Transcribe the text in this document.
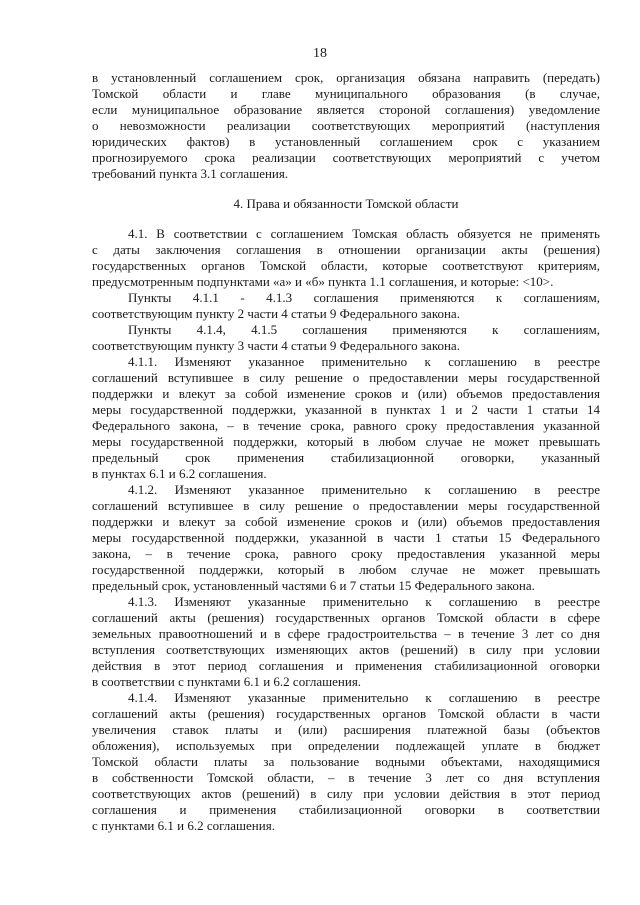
18
в установленный соглашением срок, организация обязана направить (передать)
Томской области и главе муниципального образования (в случае,
если муниципальное образование является стороной соглашения) уведомление
о невозможности реализации соответствующих мероприятий (наступления
юридических фактов) в установленный соглашением срок с указанием
прогнозируемого срока реализации соответствующих мероприятий с учетом
требований пункта 3.1 соглашения.
4. Права и обязанности Томской области
4.1. В соответствии с соглашением Томская область обязуется не применять
с даты заключения соглашения в отношении организации акты (решения)
государственных органов Томской области, которые соответствуют критериям,
предусмотренным подпунктами «а» и «б» пункта 1.1 соглашения, и которые: <10>.
Пункты 4.1.1 - 4.1.3 соглашения применяются к соглашениям,
соответствующим пункту 2 части 4 статьи 9 Федерального закона.
Пункты 4.1.4, 4.1.5 соглашения применяются к соглашениям,
соответствующим пункту 3 части 4 статьи 9 Федерального закона.
4.1.1. Изменяют указанное применительно к соглашению в реестре
соглашений вступившее в силу решение о предоставлении меры государственной
поддержки и влекут за собой изменение сроков и (или) объемов предоставления
меры государственной поддержки, указанной в пунктах 1 и 2 части 1 статьи 14
Федерального закона, – в течение срока, равного сроку предоставления указанной
меры государственной поддержки, который в любом случае не может превышать
предельный срок применения стабилизационной оговорки, указанный
в пунктах 6.1 и 6.2 соглашения.
4.1.2. Изменяют указанное применительно к соглашению в реестре
соглашений вступившее в силу решение о предоставлении меры государственной
поддержки и влекут за собой изменение сроков и (или) объемов предоставления
меры государственной поддержки, указанной в части 1 статьи 15 Федерального
закона, – в течение срока, равного сроку предоставления указанной меры
государственной поддержки, который в любом случае не может превышать
предельный срок, установленный частями 6 и 7 статьи 15 Федерального закона.
4.1.3. Изменяют указанные применительно к соглашению в реестре
соглашений акты (решения) государственных органов Томской области в сфере
земельных правоотношений и в сфере градостроительства – в течение 3 лет со дня
вступления соответствующих изменяющих актов (решений) в силу при условии
действия в этот период соглашения и применения стабилизационной оговорки
в соответствии с пунктами 6.1 и 6.2 соглашения.
4.1.4. Изменяют указанные применительно к соглашению в реестре
соглашений акты (решения) государственных органов Томской области в части
увеличения ставок платы и (или) расширения платежной базы (объектов
обложения), используемых при определении подлежащей уплате в бюджет
Томской области платы за пользование водными объектами, находящимися
в собственности Томской области, – в течение 3 лет со дня вступления
соответствующих актов (решений) в силу при условии действия в этот период
соглашения и применения стабилизационной оговорки в соответствии
с пунктами 6.1 и 6.2 соглашения.
